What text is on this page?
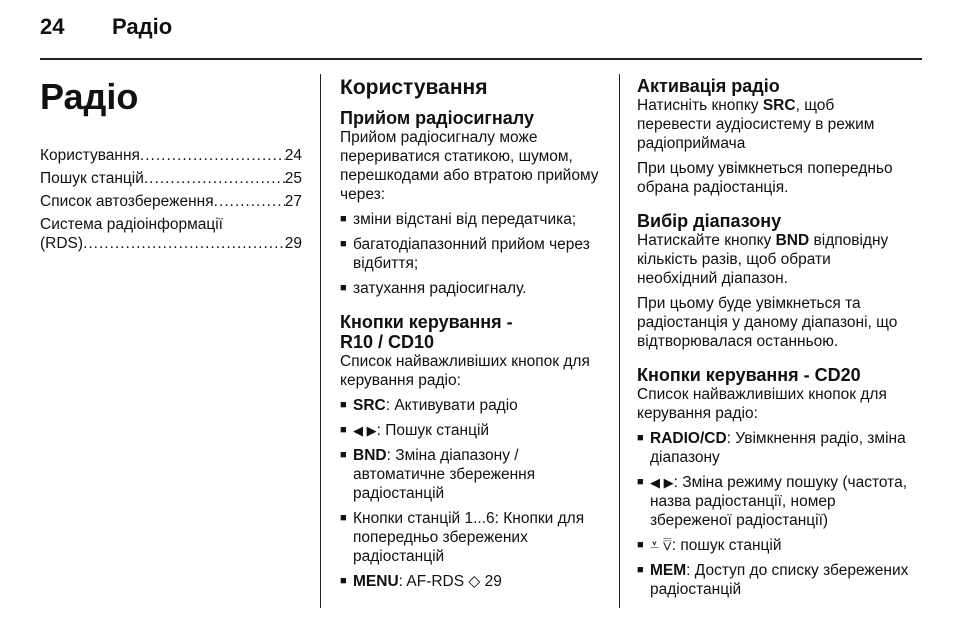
24 Радіо
Радіо
Користування .....	24
Пошук станцій .....	25
Список автозбереження .....	27
Система радіоінформації
(RDS) .....	29
Користування
Прийом радіосигналу

Прийом радіосигналу може перериватися статикою, шумом, перешкодами або втратою прийому через:

■ зміни відстані від передатчика;
■ багатодіапазонний прийом через відбиття;
■ затухання радіосигналу.
Кнопки керування -
R10 / CD10

Список найважливіших кнопок для керування радіо:

■ SRC: Активувати радіо
■ ◀ ▶: Пошук станцій
■ BND: Зміна діапазону / автоматичне збереження радіостанцій
■ Кнопки станцій 1...6: Кнопки для попередньо збережених радіостанцій
■ MENU: AF-RDS ◇ 29
Активація радіо

Натисніть кнопку SRC, щоб перевести аудіосистему в режим радіоприймача

При цьому увімкнеться попередньо обрана радіостанція.

Вибір діапазону

Натискайте кнопку BND відповідну кількість разів, щоб обрати необхідний діапазон.

При цьому буде увімкнеться та радіостанція у даному діапазоні, що відтворювалася останньою.

Кнопки керування - CD20

Список найважливіших кнопок для керування радіо:

■ RADIO/CD: Увімкнення радіо, зміна діапазону
■ ◀ ▶: Зміна режиму пошуку (частота, назва радіостанції, номер збереженої радіостанції)
■ ⩡ ⩢: пошук станцій
■ MEM: Доступ до списку збережених радіостанцій
